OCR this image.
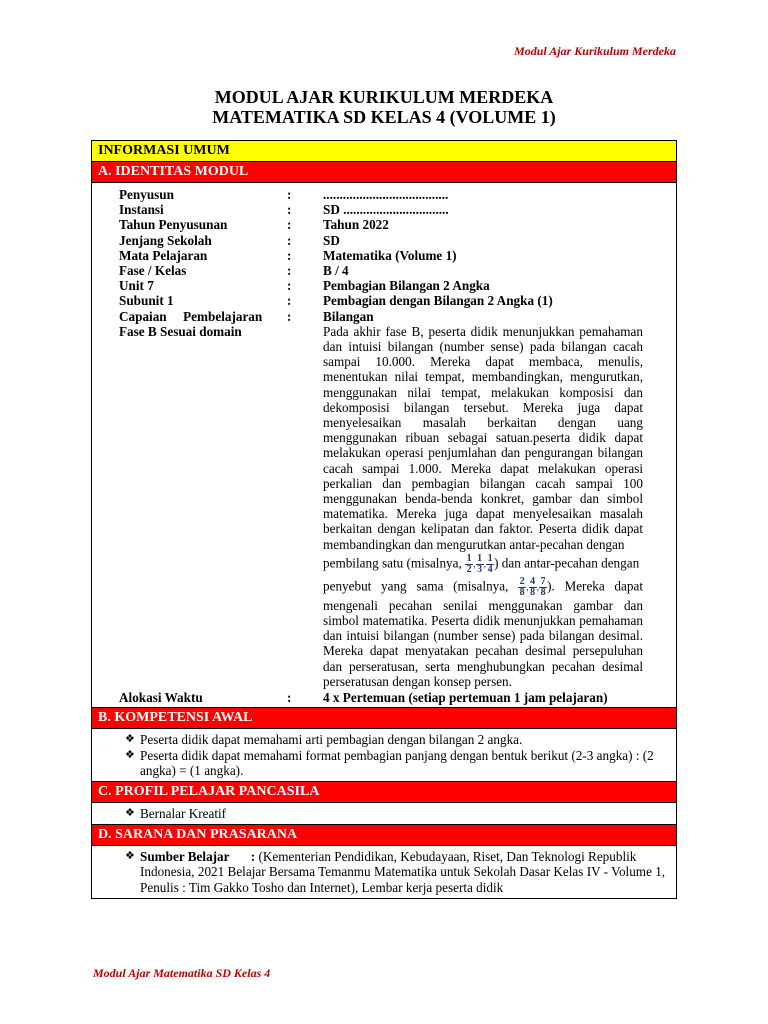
Modul Ajar Kurikulum Merdeka
MODUL AJAR KURIKULUM MERDEKA
MATEMATIKA SD KELAS 4 (VOLUME 1)
INFORMASI UMUM
A. IDENTITAS MODUL
Penyusun	:	......................................
Instansi	:	SD ................................
Tahun Penyusunan	:	Tahun 2022
Jenjang Sekolah	:	SD
Mata Pelajaran	:	Matematika (Volume 1)
Fase / Kelas	:	B / 4
Unit 7	:	Pembagian Bilangan 2 Angka
Subunit 1	:	Pembagian dengan Bilangan 2 Angka (1)
Capaian     Pembelajaran	:	Bilangan
Fase B Sesuai domain	Pada akhir fase B, peserta didik menunjukkan pemahaman dan intuisi bilangan (number sense) pada bilangan cacah sampai 10.000. Mereka dapat membaca, menulis, menentukan nilai tempat, membandingkan, mengurutkan, menggunakan nilai tempat, melakukan komposisi dan dekomposisi bilangan tersebut. Mereka juga dapat menyelesaikan masalah berkaitan dengan uang menggunakan ribuan sebagai satuan.peserta didik dapat melakukan operasi penjumlahan dan pengurangan bilangan cacah sampai 1.000. Mereka dapat melakukan operasi perkalian dan pembagian bilangan cacah sampai 100 menggunakan benda-benda konkret, gambar dan simbol matematika. Mereka juga dapat menyelesaikan masalah berkaitan dengan kelipatan dan faktor. Peserta didik dapat membandingkan dan mengurutkan antar-pecahan dengan
pembilang satu (misalnya, $\frac{1}{2}$ , $\frac{1}{3}$ , $\frac{1}{4}$ ) dan antar-pecahan dengan
penyebut yang sama (misalnya, $\frac{2}{8}$ , $\frac{4}{8}$ , $\frac{7}{8}$ ). Mereka dapat mengenali pecahan senilai menggunakan gambar dan simbol matematika. Peserta didik menunjukkan pemahaman dan intuisi bilangan (number sense) pada bilangan desimal. Mereka dapat menyatakan pecahan desimal persepuluhan dan perseratusan, serta menghubungkan pecahan desimal perseratusan dengan konsep persen.
Alokasi Waktu	:	4 x Pertemuan (setiap pertemuan 1 jam pelajaran)
B. KOMPETENSI AWAL
❖ Peserta didik dapat memahami arti pembagian dengan bilangan 2 angka.
❖ Peserta didik dapat memahami format pembagian panjang dengan bentuk berikut (2-3 angka) : (2 angka) = (1 angka).
C. PROFIL PELAJAR PANCASILA
❖ Bernalar Kreatif
D. SARANA DAN PRASARANA
❖ Sumber Belajar : (Kementerian Pendidikan, Kebudayaan, Riset, Dan Teknologi Republik Indonesia, 2021 Belajar Bersama Temanmu Matematika untuk Sekolah Dasar Kelas IV - Volume 1, Penulis : Tim Gakko Tosho dan Internet), Lembar kerja peserta didik
Modul Ajar Matematika SD Kelas 4
